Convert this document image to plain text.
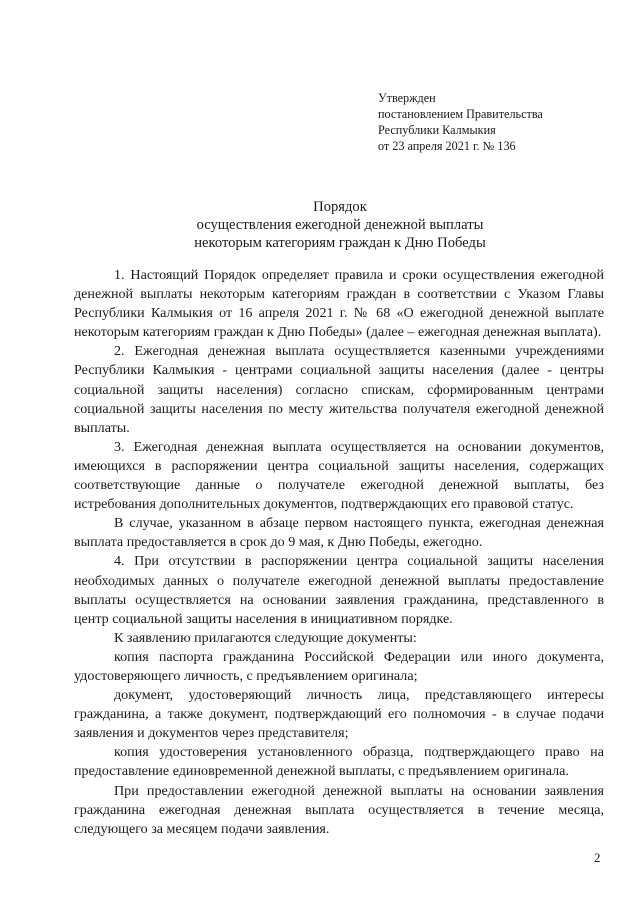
Утвержден
постановлением Правительства
Республики Калмыкия
от 23 апреля 2021 г. № 136
Порядок
осуществления ежегодной денежной выплаты
некоторым категориям граждан к Дню Победы

1. Настоящий Порядок определяет правила и сроки осуществления ежегодной денежной выплаты некоторым категориям граждан в соответствии с Указом Главы Республики Калмыкия от 16 апреля 2021 г. № 68 «О ежегодной денежной выплате некоторым категориям граждан к Дню Победы» (далее – ежегодная денежная выплата).

2. Ежегодная денежная выплата осуществляется казенными учреждениями Республики Калмыкия - центрами социальной защиты населения (далее - центры социальной защиты населения) согласно спискам, сформированным центрами социальной защиты населения по месту жительства получателя ежегодной денежной выплаты.

3. Ежегодная денежная выплата осуществляется на основании документов, имеющихся в распоряжении центра социальной защиты населения, содержащих соответствующие данные о получателе ежегодной денежной выплаты, без истребования дополнительных документов, подтверждающих его правовой статус.

В случае, указанном в абзаце первом настоящего пункта, ежегодная денежная выплата предоставляется в срок до 9 мая, к Дню Победы, ежегодно.

4. При отсутствии в распоряжении центра социальной защиты населения необходимых данных о получателе ежегодной денежной выплаты предоставление выплаты осуществляется на основании заявления гражданина, представленного в центр социальной защиты населения в инициативном порядке.

К заявлению прилагаются следующие документы:

копия паспорта гражданина Российской Федерации или иного документа, удостоверяющего личность, с предъявлением оригинала;

документ, удостоверяющий личность лица, представляющего интересы гражданина, а также документ, подтверждающий его полномочия - в случае подачи заявления и документов через представителя;

копия удостоверения установленного образца, подтверждающего право на предоставление единовременной денежной выплаты, с предъявлением оригинала.

При предоставлении ежегодной денежной выплаты на основании заявления гражданина ежегодная денежная выплата осуществляется в течение месяца, следующего за месяцем подачи заявления.

2
